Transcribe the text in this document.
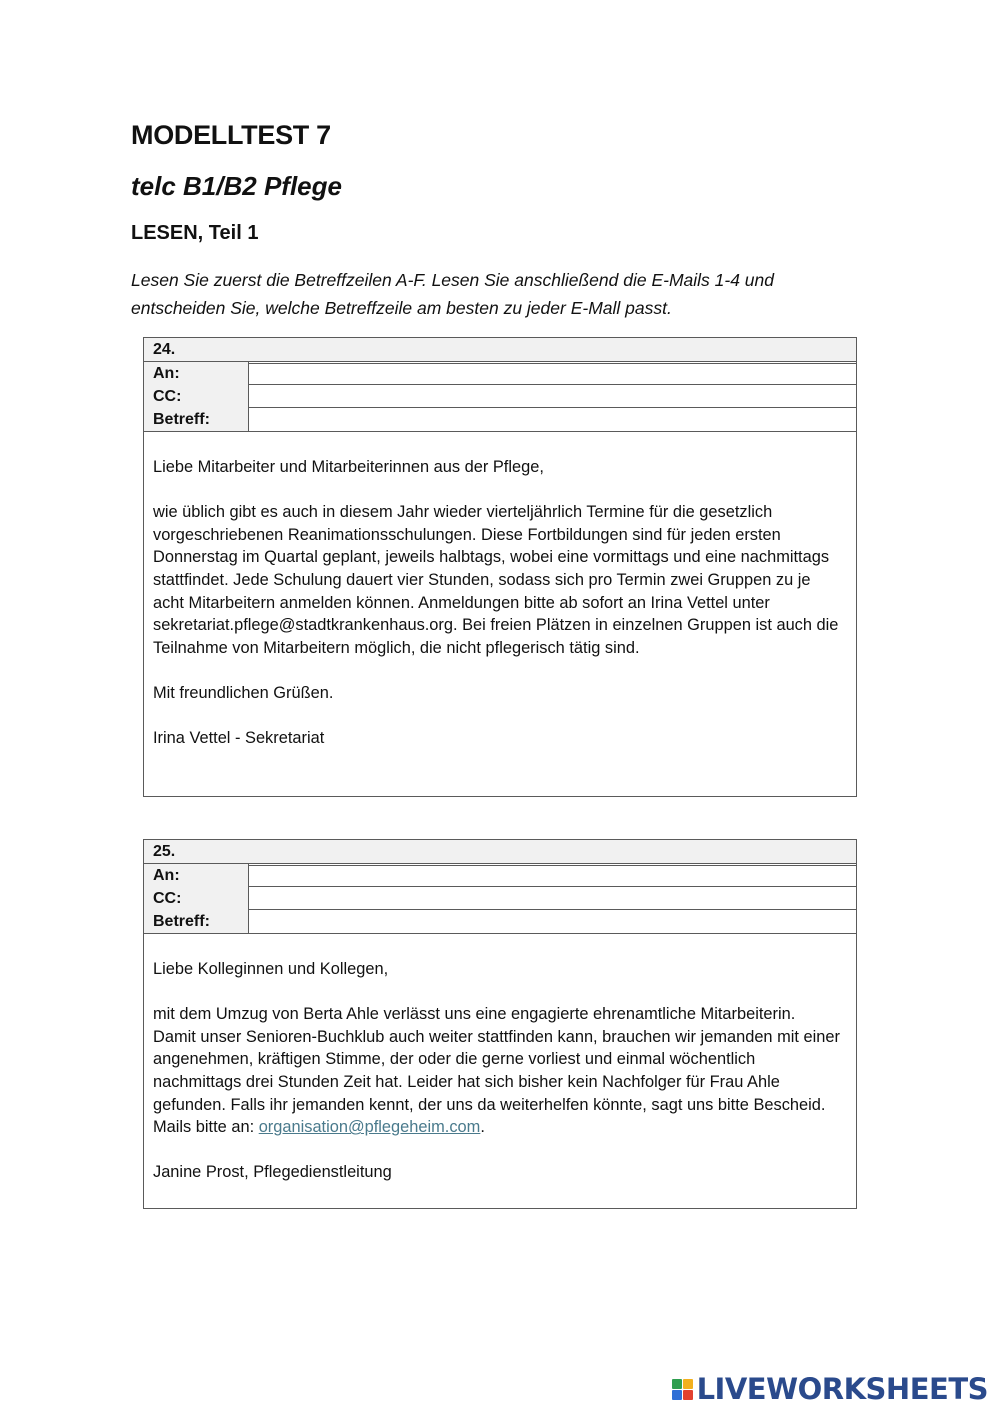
MODELLTEST 7
telc B1/B2 Pflege
LESEN, Teil 1

Lesen Sie zuerst die Betreffzeilen A-F. Lesen Sie anschließend die E-Mails 1-4 und entscheiden Sie, welche Betreffzeile am besten zu jeder E-Mall passt.

24.
An:
CC:
Betreff:

Liebe Mitarbeiter und Mitarbeiterinnen aus der Pflege,

wie üblich gibt es auch in diesem Jahr wieder vierteljährlich Termine für die gesetzlich vorgeschriebenen Reanimationsschulungen. Diese Fortbildungen sind für jeden ersten Donnerstag im Quartal geplant, jeweils halbtags, wobei eine vormittags und eine nachmittags stattfindet. Jede Schulung dauert vier Stunden, sodass sich pro Termin zwei Gruppen zu je acht Mitarbeitern anmelden können. Anmeldungen bitte ab sofort an Irina Vettel unter sekretariat.pflege@stadtkrankenhaus.org. Bei freien Plätzen in einzelnen Gruppen ist auch die Teilnahme von Mitarbeitern möglich, die nicht pflegerisch tätig sind.

Mit freundlichen Grüßen.

Irina Vettel - Sekretariat

25.
An:
CC:
Betreff:

Liebe Kolleginnen und Kollegen,

mit dem Umzug von Berta Ahle verlässt uns eine engagierte ehrenamtliche Mitarbeiterin. Damit unser Senioren-Buchklub auch weiter stattfinden kann, brauchen wir jemanden mit einer angenehmen, kräftigen Stimme, der oder die gerne vorliest und einmal wöchentlich nachmittags drei Stunden Zeit hat. Leider hat sich bisher kein Nachfolger für Frau Ahle gefunden. Falls ihr jemanden kennt, der uns da weiterhelfen könnte, sagt uns bitte Bescheid. Mails bitte an: organisation@pflegeheim.com.

Janine Prost, Pflegedienstleitung

LIVEWORKSHEETS
